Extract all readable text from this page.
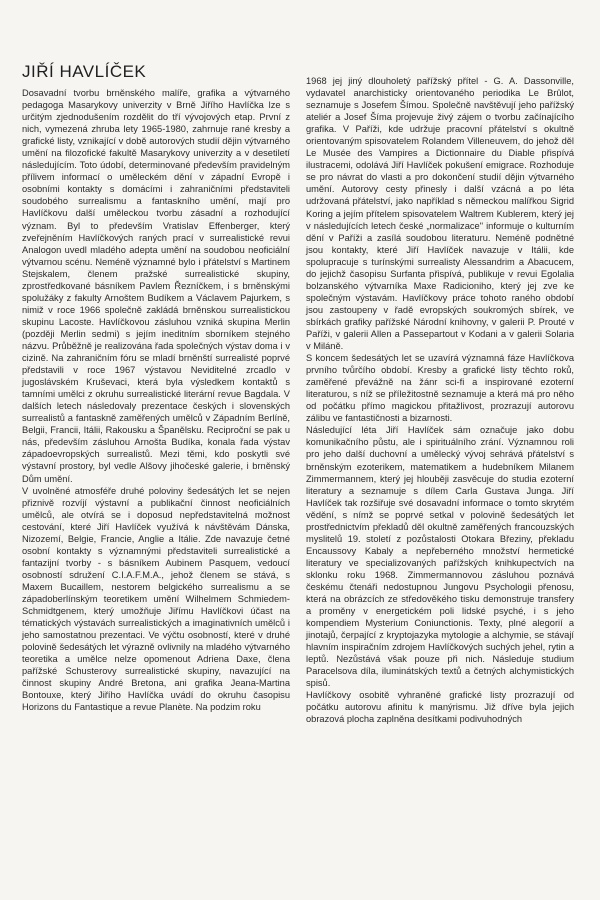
JIŘÍ HAVLÍČEK

Dosavadní tvorbu brněnského malíře, grafika a výtvarného pedagoga Masarykovy univerzity v Brně Jiřího Havlíčka lze s určitým zjednodušením rozdělit do tří vývojových etap. První z nich, vymezená zhruba lety 1965-1980, zahrnuje rané kresby a grafické listy, vznikající v době autorových studií dějin výtvarného umění na filozofické fakultě Masarykovy univerzity a v desetiletí následujícím. Toto údobí, determinované především pravidelným přílivem informací o uměleckém dění v západní Evropě i osobními kontakty s domácími i zahraničními představiteli soudobého surrealismu a fantaskního umění, mají pro Havlíčkovu další uměleckou tvorbu zásadní a rozhodující význam. Byl to především Vratislav Effenberger, který zveřejněním Havlíčkových raných prací v surrealistické revui Analogon uvedl mladého adepta umění na soudobou neoficiální výtvarnou scénu. Neméně významné bylo i přátelství s Martinem Stejskalem, členem pražské surrealistické skupiny, zprostředkované básníkem Pavlem Řezníčkem, i s brněnskými spolužáky z fakulty Arnoštem Budíkem a Václavem Pajurkem, s nimiž v roce 1966 společně zakládá brněnskou surrealistickou skupinu Lacoste. Havlíčkovou zásluhou vzniká skupina Merlin (později Merlin sedmi) s jejím ineditním sborníkem stejného názvu. Průběžně je realizována řada společných výstav doma i v cizině. Na zahraničním fóru se mladí brněnští surrealisté poprvé představili v roce 1967 výstavou Neviditelné zrcadlo v jugoslávském Kruševaci, která byla výsledkem kontaktů s tamními umělci z okruhu surrealistické literární revue Bagdala. V dalších letech následovaly prezentace českých i slovenských surrealistů a fantaskně zaměřených umělců v Západním Berlíně, Belgii, Francii, Itálii, Rakousku a Španělsku. Reciproční se pak u nás, především zásluhou Arnošta Budíka, konala řada výstav západoevropských surrealistů. Mezi těmi, kdo poskytli své výstavní prostory, byl vedle Alšovy jihočeské galerie, i brněnský Dům umění.

V uvolněné atmosféře druhé poloviny šedesátých let se nejen přiznivě rozvíjí výstavní a publikační činnost neoficiálních umělců, ale otvírá se i doposud nepředstavitelná možnost cestování, které Jiří Havlíček využívá k návštěvám Dánska, Nizozemí, Belgie, Francie, Anglie a Itálie. Zde navazuje četné osobní kontakty s významnými představiteli surrealistické a fantazijní tvorby - s básníkem Aubinem Pasquem, vedoucí osobností sdružení C.I.A.F.M.A., jehož členem se stává, s Maxem Bucaillem, nestorem belgického surrealismu a se západoberlínským teoretikem umění Wilhelmem Schmiedem-Schmidtgenem, který umožňuje Jiřímu Havlíčkovi účast na tématických výstavách surrealistických a imaginativních umělců i jeho samostatnou prezentaci. Ve výčtu osobností, které v druhé polovině šedesátých let výrazně ovlivnily na mladého výtvarného teoretika a umělce nelze opomenout Adriena Daxe, člena pařížské Schusterovy surrealistické skupiny, navazující na činnost skupiny André Bretona, ani grafika Jeana-Martina Bontouxe, který Jiřího Havlíčka uvádí do okruhu časopisu Horizons du Fantastique a revue Planète. Na podzim roku

1968 jej jiný dlouholetý pařížský přítel - G. A. Dassonville, vydavatel anarchisticky orientovaného periodika Le Brûlot, seznamuje s Josefem Šímou. Společně navštěvují jeho pařížský ateliér a Josef Šíma projevuje živý zájem o tvorbu začínajícího grafika. V Paříži, kde udržuje pracovní přátelství s okultně orientovaným spisovatelem Rolandem Villeneuvem, do jehož děl Le Musée des Vampires a Dictionnaire du Diable přispívá ilustracemi, odolává Jiří Havlíček pokušení emigrace. Rozhoduje se pro návrat do vlasti a pro dokončení studií dějin výtvarného umění. Autorovy cesty přinesly i další vzácná a po léta udržovaná přátelství, jako například s německou malířkou Sigrid Koring a jejím přítelem spisovatelem Waltrem Kublerem, který jej v následujících letech české „normalizace" informuje o kulturním dění v Paříži a zasílá soudobou literaturu. Neméně podnětné jsou kontakty, které Jiří Havlíček navazuje v Itálii, kde spolupracuje s turínskými surrealisty Alessandrim a Abacucem, do jejichž časopisu Surfanta přispívá, publikuje v revui Egolalia bolzanského výtvarníka Maxe Radicioniho, který jej zve ke společným výstavám. Havlíčkovy práce tohoto raného období jsou zastoupeny v řadě evropských soukromých sbírek, ve sbírkách grafiky pařížské Národní knihovny, v galerii P. Prouté v Paříži, v galerii Allen a Passepartout v Kodani a v galerii Solaria v Miláně.

S koncem šedesátých let se uzavírá významná fáze Havlíčkova prvního tvůrčího období. Kresby a grafické listy těchto roků, zaměřené převážně na žánr sci-fi a inspirované ezoterní literaturou, s níž se příležitostně seznamuje a která má pro něho od počátku přímo magickou přitažlivost, prozrazují autorovu zálibu ve fantastičnosti a bizarnosti.

Následující léta Jiří Havlíček sám označuje jako dobu komunikačního půstu, ale i spirituálního zrání. Významnou roli pro jeho další duchovní a umělecký vývoj sehrává přátelství s brněnským ezoterikem, matematikem a hudebníkem Milanem Zimmermannem, který jej hlouběji zasvěcuje do studia ezoterní literatury a seznamuje s dílem Carla Gustava Junga. Jiří Havlíček tak rozšiřuje své dosavadní informace o tomto skrytém vědění, s nímž se poprvé setkal v polovině šedesátých let prostřednictvím překladů děl okultně zaměřených francouzských myslitelů 19. století z pozůstalosti Otokara Březiny, překladu Encaussovy Kabaly a nepřeberného množství hermetické literatury ve specializovaných pařížských knihkupectvích na sklonku roku 1968. Zimmermannovou zásluhou poznává českému čtenáři nedostupnou Jungovu Psychologii přenosu, která na obrázcích ze středověkého tisku demonstruje transfery a proměny v energetickém poli lidské psyché, i s jeho kompendiem Mysterium Coniunctionis. Texty, plné alegorií a jinotajů, čerpající z kryptojazyka mytologie a alchymie, se stávají hlavním inspiračním zdrojem Havlíčkových suchých jehel, rytin a leptů. Nezůstává však pouze při nich. Následuje studium Paracelsova díla, iluminátských textů a četných alchymistických spisů.

Havlíčkovy osobitě vyhraněné grafické listy prozrazují od počátku autorovu afinitu k manýrismu. Již dříve byla jejich obrazová plocha zaplněna desítkami podivuhodných
